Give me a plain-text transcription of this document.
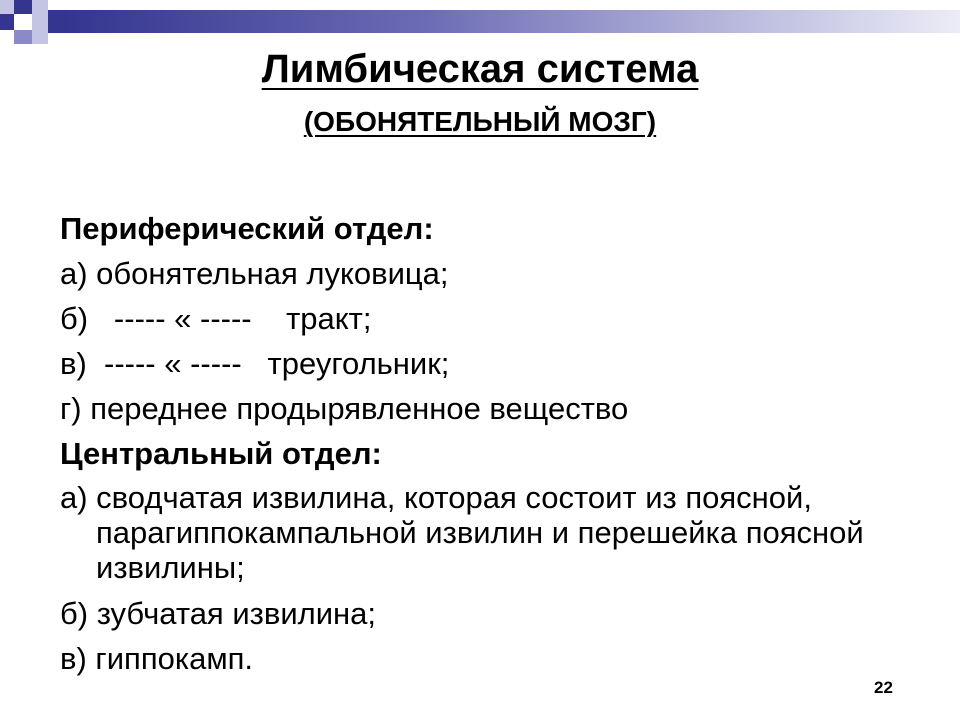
Лимбическая система
(ОБОНЯТЕЛЬНЫЙ МОЗГ)
Периферический отдел:
а) обонятельная луковица;
б)   ----- « -----    тракт;
в)  ----- « -----   треугольник;
г) переднее продырявленное вещество
Центральный отдел:
а) сводчатая извилина, которая состоит из поясной, парагиппокампальной извилин и перешейка поясной извилины;
б) зубчатая извилина;
в) гиппокамп.
22
